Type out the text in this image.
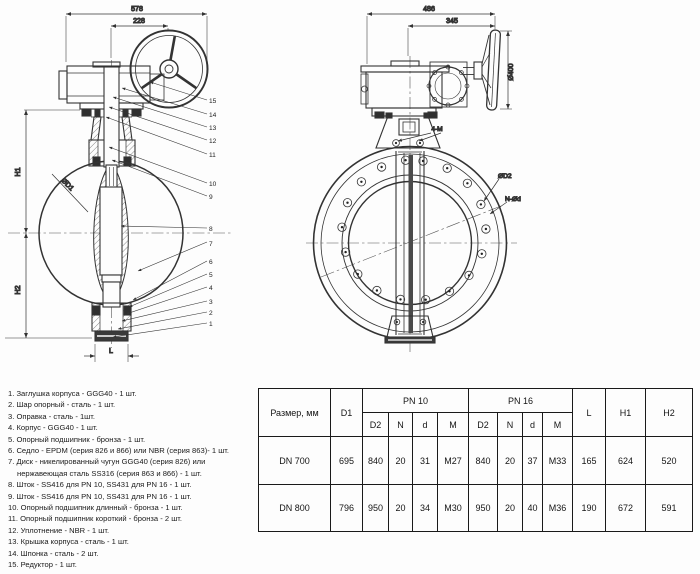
578
228
H1
H2
L
ØD1
15
14
13
12
11
10
9
8
7
6
5
4
3
2
1
486
345
Ø400
4-M
ØD2
N-Ød
1. Заглушка корпуса - GGG40 - 1 шт.
2. Шар опорный - сталь - 1 шт.
3. Оправка - сталь - 1шт.
4. Корпус - GGG40 - 1 шт.
5. Опорный подшипник - бронза - 1 шт.
6. Седло - EPDM (серия 826 и 866) или NBR (серия 863)- 1 шт.
7. Диск - никелированный чугун GGG40 (серия 826) или нержавеющая сталь SS316 (серия 863 и 866) - 1 шт.
8. Шток - SS416 для PN 10, SS431 для PN 16 - 1 шт.
9. Шток - SS416 для PN 10, SS431 для PN 16 - 1 шт.
10. Опорный подшипник длинный - бронза - 1 шт.
11. Опорный подшипник короткий - бронза - 2 шт.
12. Уплотнение - NBR - 1 шт.
13. Крышка корпуса - сталь - 1 шт.
14. Шпонка - сталь - 2 шт.
15. Редуктор - 1 шт.
Размер, мм	D1	PN 10				PN 16				L	H1	H2
		D2	N	d	M	D2	N	d	M			
DN 700	695	840	20	31	M27	840	20	37	M33	165	624	520
DN 800	796	950	20	34	M30	950	20	40	M36	190	672	591
